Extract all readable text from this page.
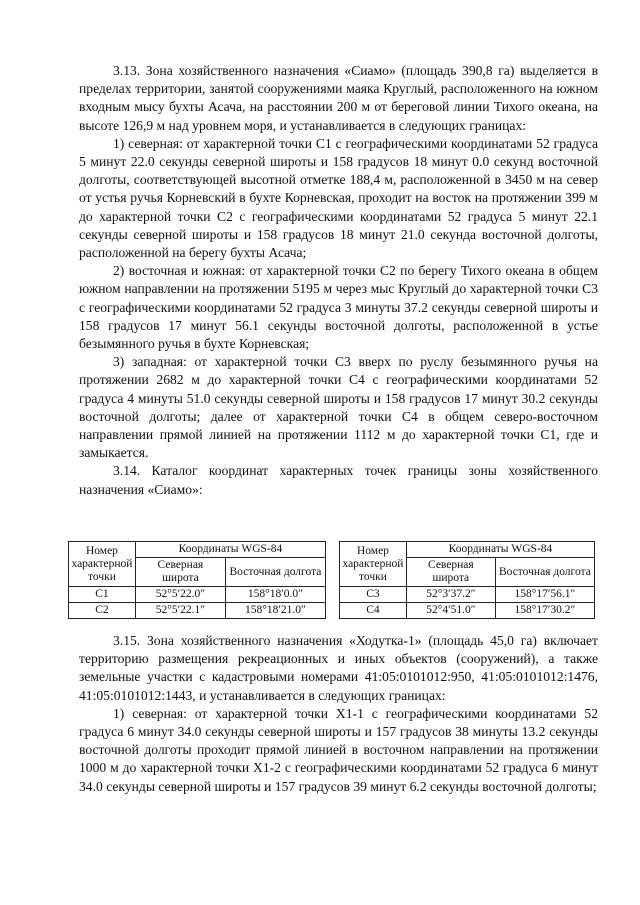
3.13. Зона хозяйственного назначения «Сиамо» (площадь 390,8 га) выделяется в пределах территории, занятой сооружениями маяка Круглый, расположенного на южном входным мысу бухты Асача, на расстоянии 200 м от береговой линии Тихого океана, на высоте 126,9 м над уровнем моря, и устанавливается в следующих границах:

1) северная: от характерной точки С1 с географическими координатами 52 градуса 5 минут 22.0 секунды северной широты и 158 градусов 18 минут 0.0 секунд восточной долготы, соответствующей высотной отметке 188,4 м, расположенной в 3450 м на север от устья ручья Корневский в бухте Корневская, проходит на восток на протяжении 399 м до характерной точки С2 с географическими координатами 52 градуса 5 минут 22.1 секунды северной широты и 158 градусов 18 минут 21.0 секунда восточной долготы, расположенной на берегу бухты Асача;

2) восточная и южная: от характерной точки С2 по берегу Тихого океана в общем южном направлении на протяжении 5195 м через мыс Круглый до характерной точки С3 с географическими координатами 52 градуса 3 минуты 37.2 секунды северной широты и 158 градусов 17 минут 56.1 секунды восточной долготы, расположенной в устье безымянного ручья в бухте Корневская;

3) западная: от характерной точки С3 вверх по руслу безымянного ручья на протяжении 2682 м до характерной точки С4 с географическими координатами 52 градуса 4 минуты 51.0 секунды северной широты и 158 градусов 17 минут 30.2 секунды восточной долготы; далее от характерной точки С4 в общем северо-восточном направлении прямой линией на протяжении 1112 м до характерной точки С1, где и замыкается.

3.14. Каталог координат характерных точек границы зоны хозяйственного назначения «Сиамо»:

Номер характерной точки	Координаты WGS-84	
	Северная широта	Восточная долгота
С1	52°5′22.0″	158°18′0.0″
С2	52°5′22.1″	158°18′21.0″
Номер характерной точки	Координаты WGS-84	
	Северная широта	Восточная долгота
С3	52°3′37.2″	158°17′56.1″
С4	52°4′51.0″	158°17′30.2″

3.15. Зона хозяйственного назначения «Ходутка-1» (площадь 45,0 га) включает территорию размещения рекреационных и иных объектов (сооружений), а также земельные участки с кадастровыми номерами 41:05:0101012:950, 41:05:0101012:1476, 41:05:0101012:1443, и устанавливается в следующих границах:

1) северная: от характерной точки Х1-1 с географическими координатами 52 градуса 6 минут 34.0 секунды северной широты и 157 градусов 38 минуты 13.2 секунды восточной долготы проходит прямой линией в восточном направлении на протяжении 1000 м до характерной точки Х1-2 с географическими координатами 52 градуса 6 минут 34.0 секунды северной широты и 157 градусов 39 минут 6.2 секунды восточной долготы;
